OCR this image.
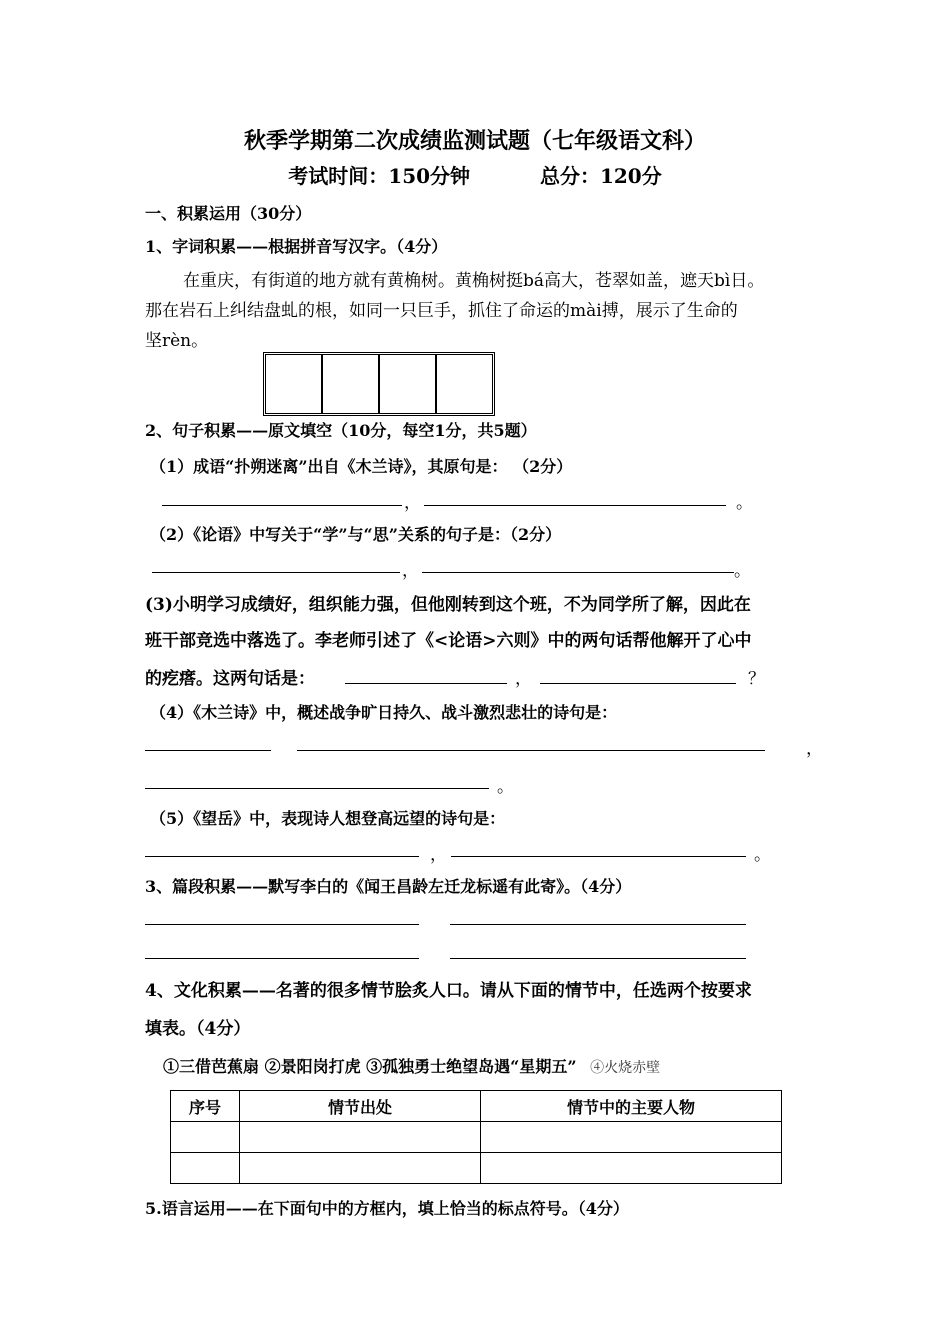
秋季学期第二次成绩监测试题（七年级语文科）
考试时间：150分钟	总分：120分
一、积累运用（30分）
1、字词积累——根据拼音写汉字。（4分）
在重庆，有街道的地方就有黄桷树。黄桷树挺bá高大，苍翠如盖，遮天bì日。
那在岩石上纠结盘虬的根，如同一只巨手，抓住了命运的mài搏，展示了生命的
坚rèn。
2、句子积累——原文填空（10分，每空1分，共5题）
（1）成语“扑朔迷离”出自《木兰诗》，其原句是： （2分）
，	。
（2）《论语》中写关于“学”与“思”关系的句子是：（2分）
，	。
(3)小明学习成绩好，组织能力强，但他刚转到这个班，不为同学所了解，因此在
班干部竞选中落选了。李老师引述了《<论语>六则》中的两句话帮他解开了心中
的疙瘩。这两句话是：	，	？
（4）《木兰诗》中，概述战争旷日持久、战斗激烈悲壮的诗句是：
，
。
（5）《望岳》中，表现诗人想登高远望的诗句是：
，	。
3、篇段积累——默写李白的《闻王昌龄左迁龙标遥有此寄》。（4分）
4、文化积累——名著的很多情节脍炙人口。请从下面的情节中，任选两个按要求
填表。（4分）
①三借芭蕉扇 ②景阳岗打虎 ③孤独勇士绝望岛遇“星期五” ④火烧赤壁
序号	情节出处	情节中的主要人物

5.语言运用——在下面句中的方框内，填上恰当的标点符号。（4分）
